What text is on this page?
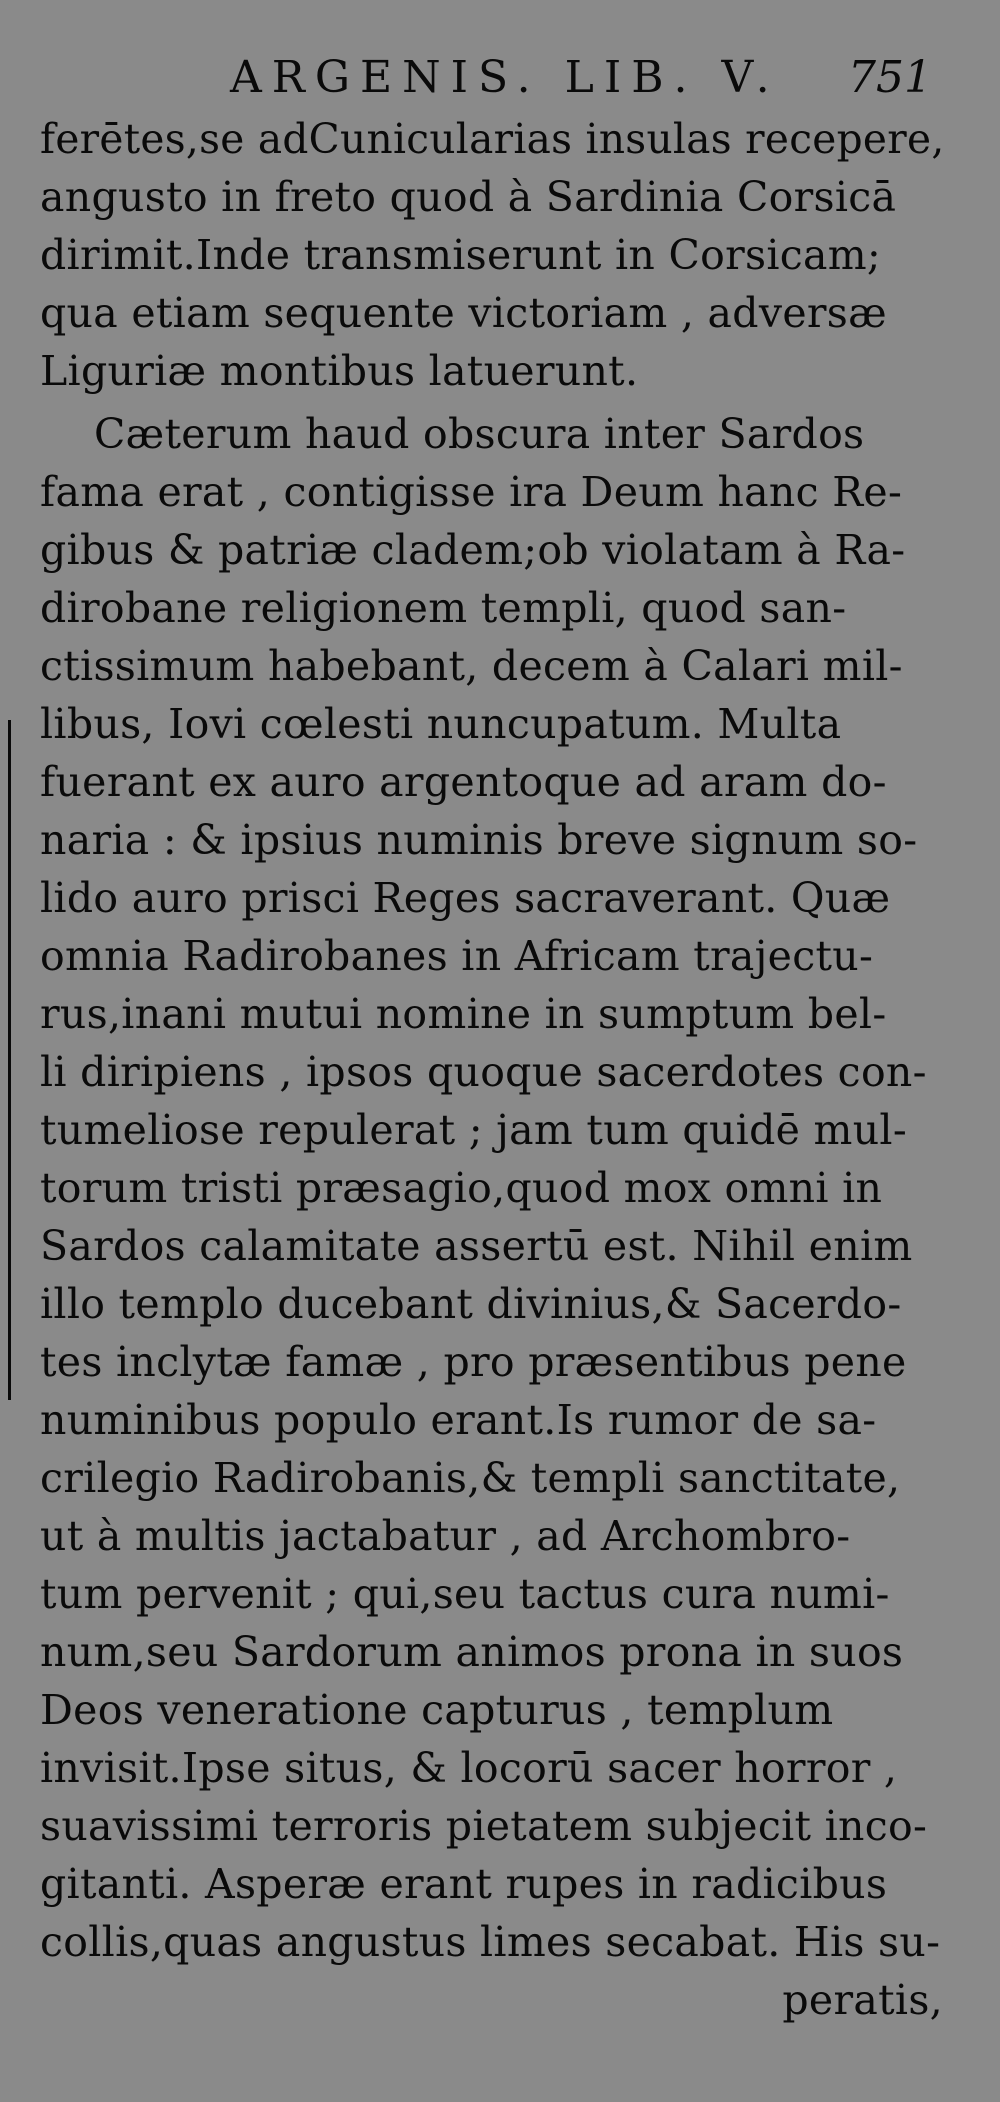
ARGENIS. LIB. V. 751
ferētes,se adCunicularias insulas recepere,
angusto in freto quod à Sardinia Corsicā
dirimit.Inde transmiserunt in Corsicam;
qua etiam sequente victoriam , adversæ
Liguriæ montibus latuerunt.
Cæterum haud obscura inter Sardos
fama erat , contigisse ira Deum hanc Re-
gibus & patriæ cladem;ob violatam à Ra-
dirobane religionem templi, quod san-
ctissimum habebant, decem à Calari mil-
libus, Iovi cœlesti nuncupatum. Multa
fuerant ex auro argentoque ad aram do-
naria : & ipsius numinis breve signum so-
lido auro prisci Reges sacraverant. Quæ
omnia Radirobanes in Africam trajectu-
rus,inani mutui nomine in sumptum bel-
li diripiens , ipsos quoque sacerdotes con-
tumeliose repulerat ; jam tum quidē mul-
torum tristi præsagio,quod mox omni in
Sardos calamitate assertū est. Nihil enim
illo templo ducebant divinius,& Sacerdo-
tes inclytæ famæ , pro præsentibus pene
numinibus populo erant.Is rumor de sa-
crilegio Radirobanis,& templi sanctitate,
ut à multis jactabatur , ad Archombro-
tum pervenit ; qui,seu tactus cura numi-
num,seu Sardorum animos prona in suos
Deos veneratione capturus , templum
invisit.Ipse situs, & locorū sacer horror ,
suavissimi terroris pietatem subjecit inco-
gitanti. Asperæ erant rupes in radicibus
collis,quas angustus limes secabat. His su-
peratis,
